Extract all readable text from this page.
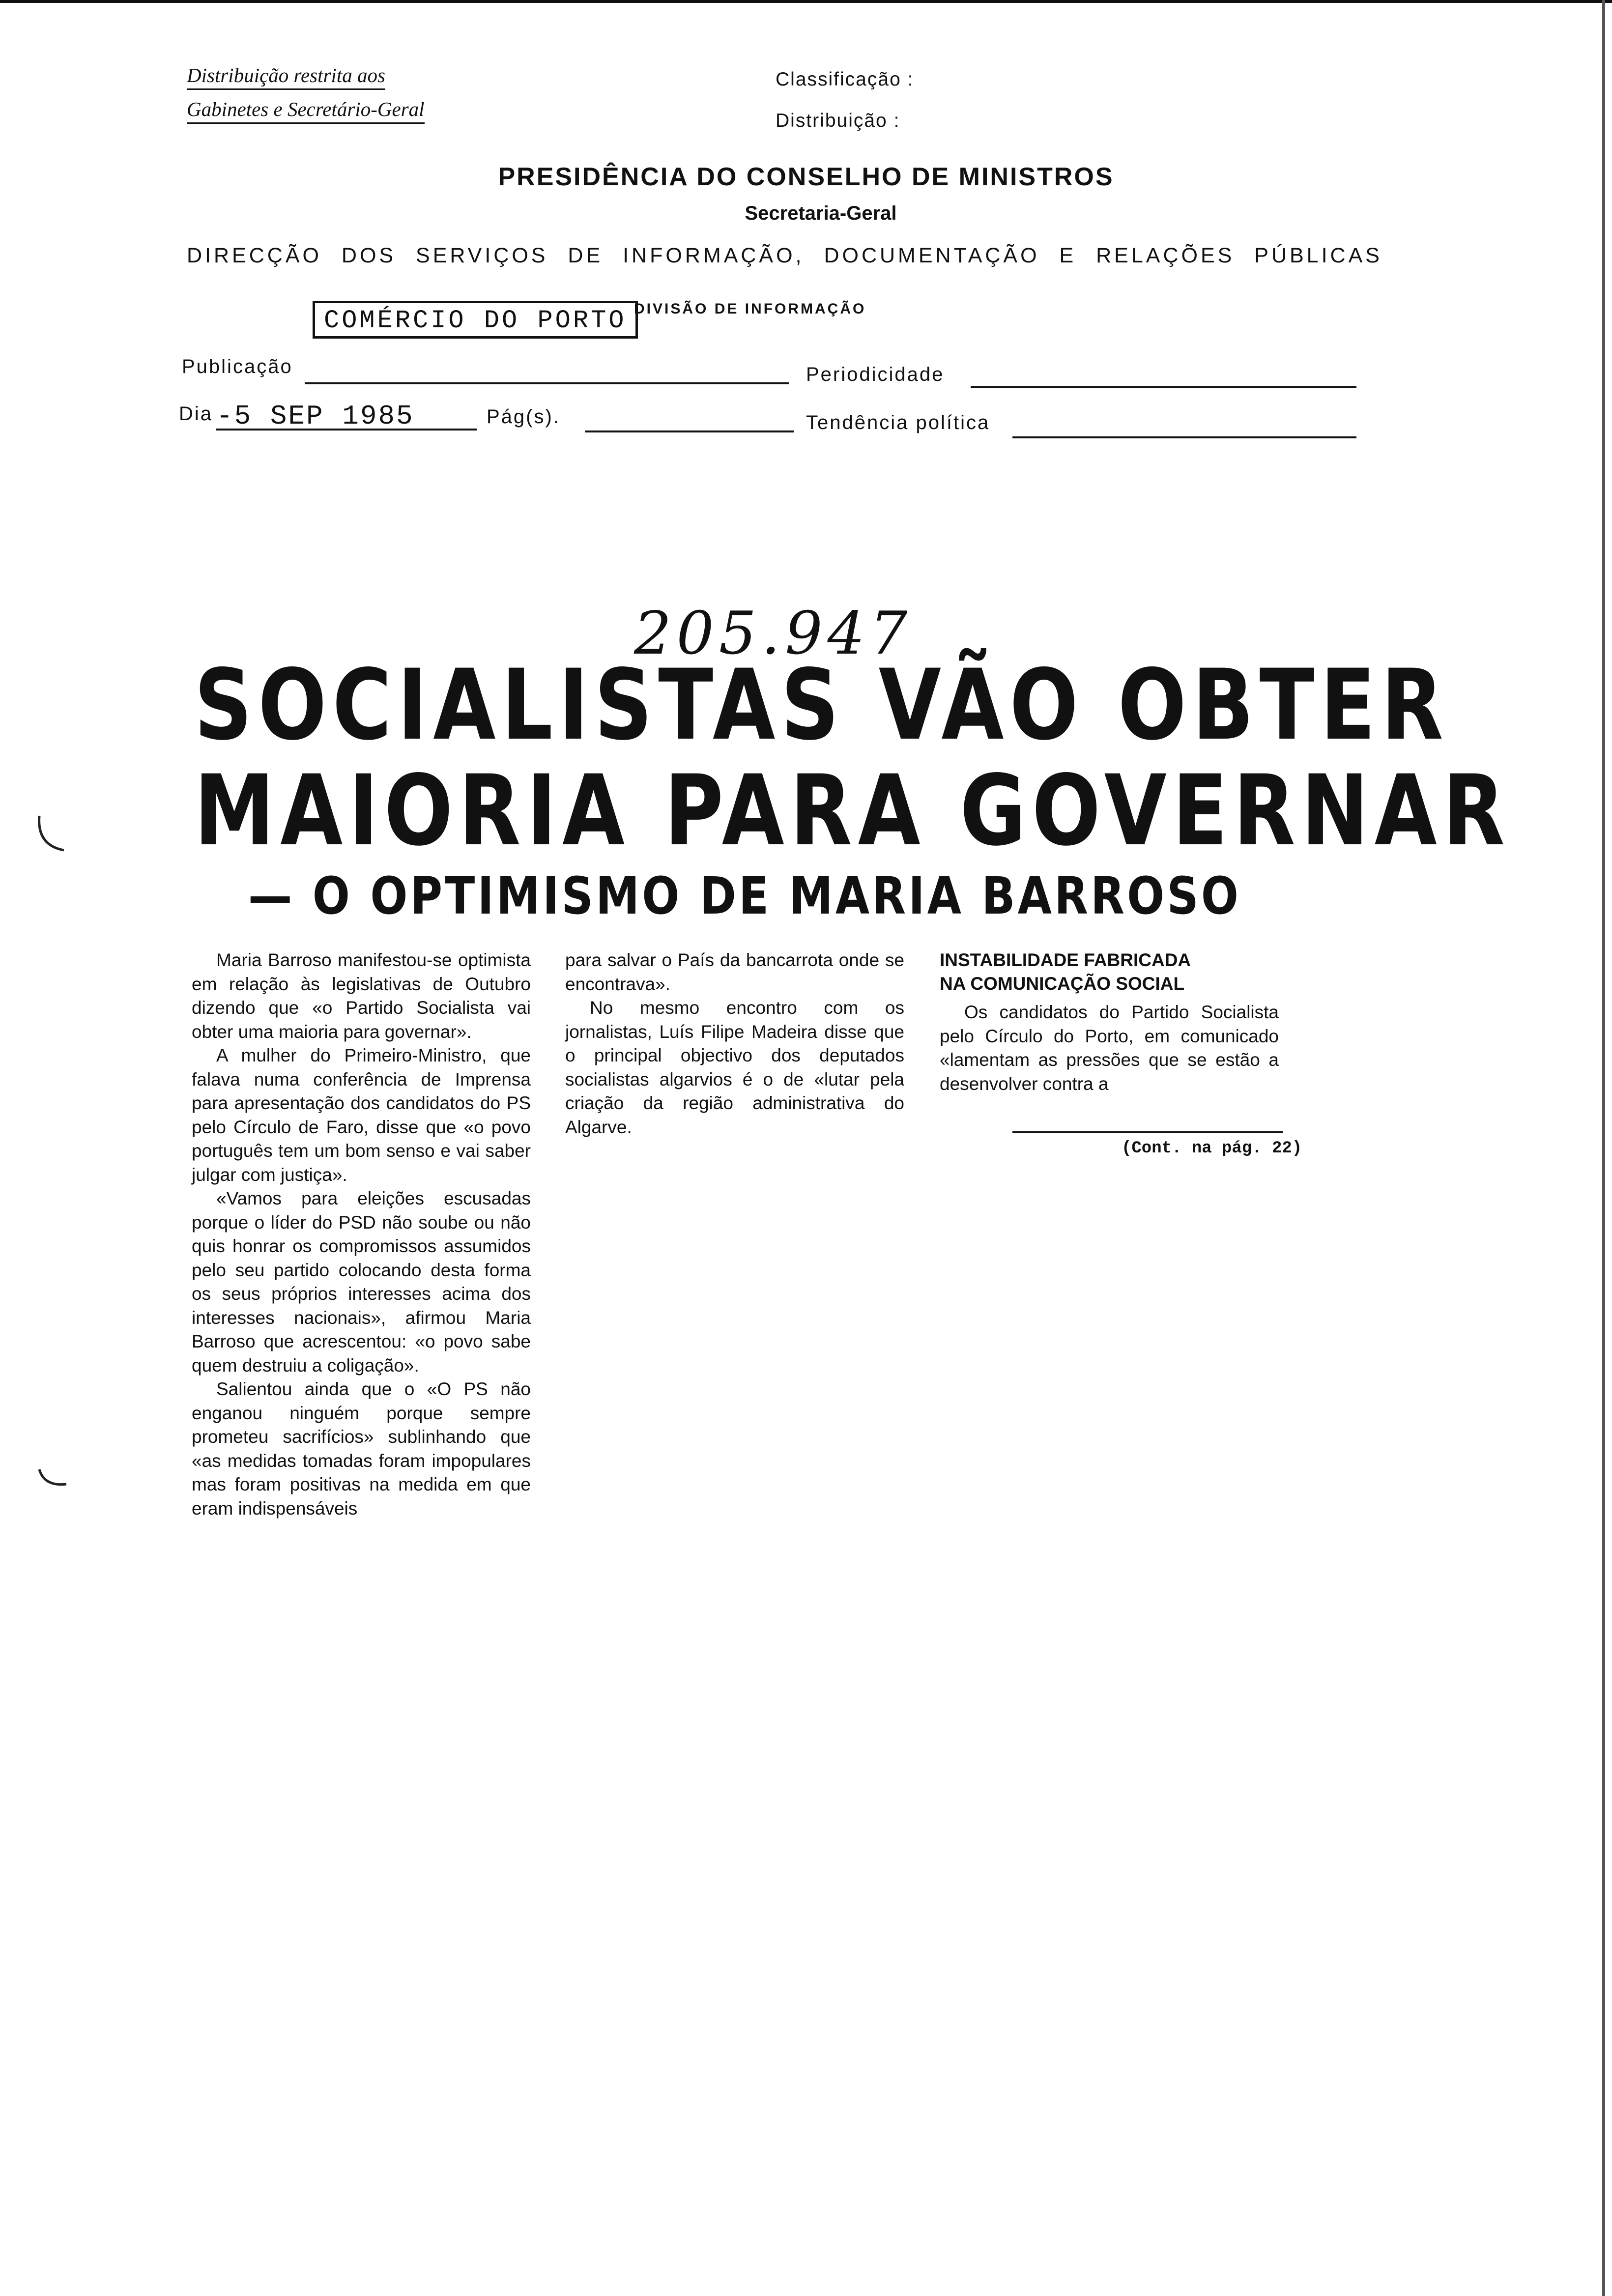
Distribuição restrita aos
Gabinetes e Secretário-Geral
Classificação :
Distribuição :
PRESIDÊNCIA DO CONSELHO DE MINISTROS
Secretaria-Geral
DIRECÇÃO DOS SERVIÇOS DE INFORMAÇÃO, DOCUMENTAÇÃO E RELAÇÕES PÚBLICAS
DIVISÃO DE INFORMAÇÃO
COMÉRCIO DO PORTO
Publicação	Periodicidade
Dia -5 SEP 1985	Pág(s).	Tendência política
205.947
SOCIALISTAS VÃO OBTER
MAIORIA PARA GOVERNAR
— O OPTIMISMO DE MARIA BARROSO

Maria Barroso manifestou-se optimista em relação às legislativas de Outubro dizendo que «o Partido Socialista vai obter uma maioria para governar».

A mulher do Primeiro-Ministro, que falava numa conferência de Imprensa para apresentação dos candidatos do PS pelo Círculo de Faro, disse que «o povo português tem um bom senso e vai saber julgar com justiça».

«Vamos para eleições escusadas porque o líder do PSD não soube ou não quis honrar os compromissos assumidos pelo seu partido colocando desta forma os seus próprios interesses acima dos interesses nacionais», afirmou Maria Barroso que acrescentou: «o povo sabe quem destruiu a coligação».

Salientou ainda que o «O PS não enganou ninguém porque sempre prometeu sacrifícios» sublinhando que «as medidas tomadas foram impopulares mas foram positivas na medida em que eram indispensáveis

para salvar o País da bancarrota onde se encontrava».

No mesmo encontro com os jornalistas, Luís Filipe Madeira disse que o principal objectivo dos deputados socialistas algarvios é o de «lutar pela criação da região administrativa do Algarve.

INSTABILIDADE FABRICADA
NA COMUNICAÇÃO SOCIAL

Os candidatos do Partido Socialista pelo Círculo do Porto, em comunicado «lamentam as pressões que se estão a desenvolver contra a

(Cont. na pág. 22)
